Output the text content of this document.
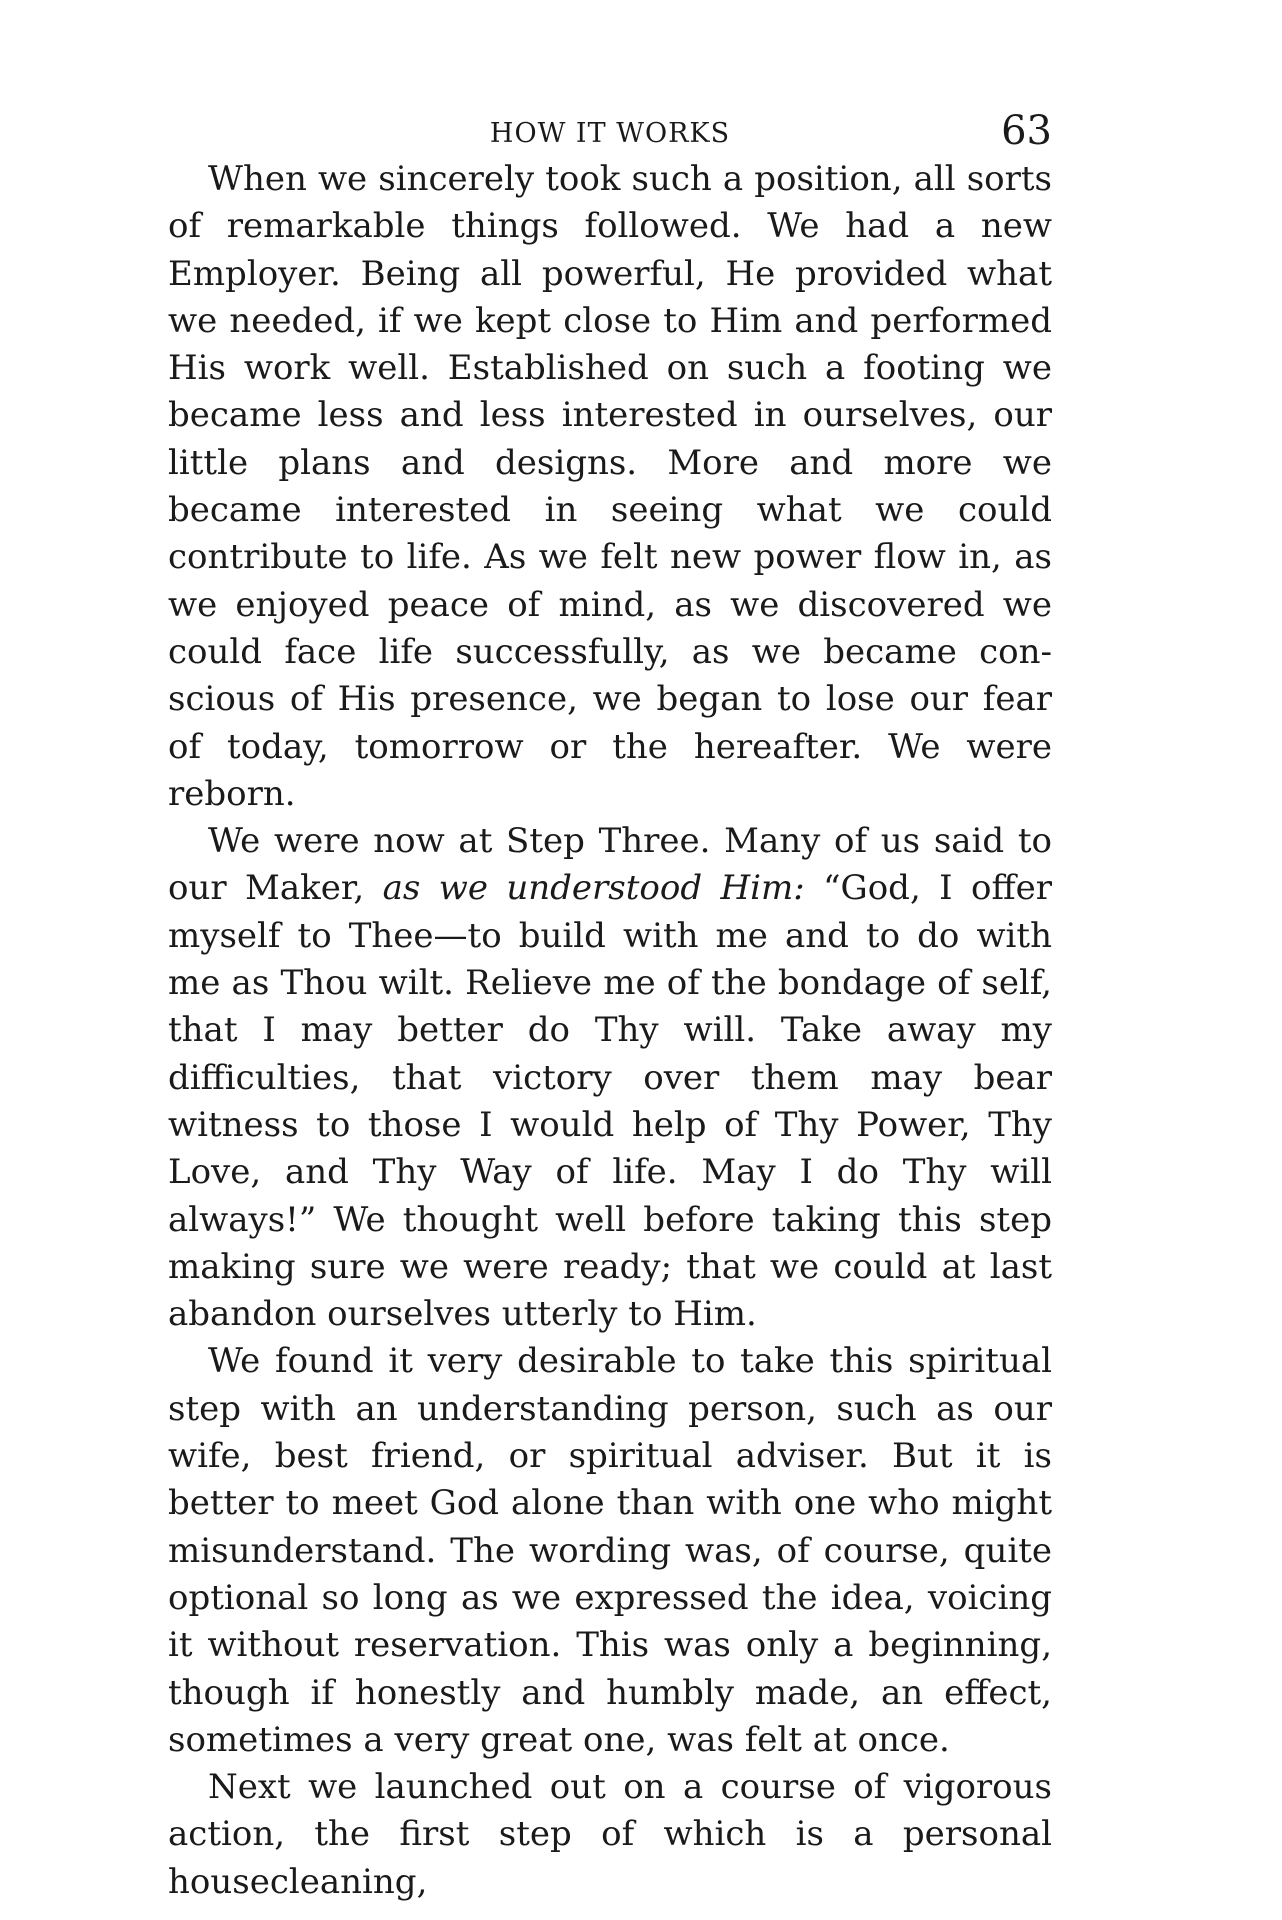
HOW IT WORKS	63

When we sincerely took such a position, all sorts of remarkable things followed. We had a new Employer. Being all powerful, He provided what we needed, if we kept close to Him and performed His work well. Established on such a footing we became less and less interested in ourselves, our little plans and designs. More and more we became interested in seeing what we could contribute to life. As we felt new power flow in, as we enjoyed peace of mind, as we discovered we could face life successfully, as we became conscious of His presence, we began to lose our fear of today, tomorrow or the hereafter. We were reborn.

We were now at Step Three. Many of us said to our Maker, as we understood Him: “God, I offer myself to Thee—to build with me and to do with me as Thou wilt. Relieve me of the bondage of self, that I may better do Thy will. Take away my difficulties, that victory over them may bear witness to those I would help of Thy Power, Thy Love, and Thy Way of life. May I do Thy will always!” We thought well before taking this step making sure we were ready; that we could at last abandon ourselves utterly to Him.

We found it very desirable to take this spiritual step with an understanding person, such as our wife, best friend, or spiritual adviser. But it is better to meet God alone than with one who might misunderstand. The wording was, of course, quite optional so long as we expressed the idea, voicing it without reservation. This was only a beginning, though if honestly and humbly made, an effect, sometimes a very great one, was felt at once.

Next we launched out on a course of vigorous action, the first step of which is a personal housecleaning,
